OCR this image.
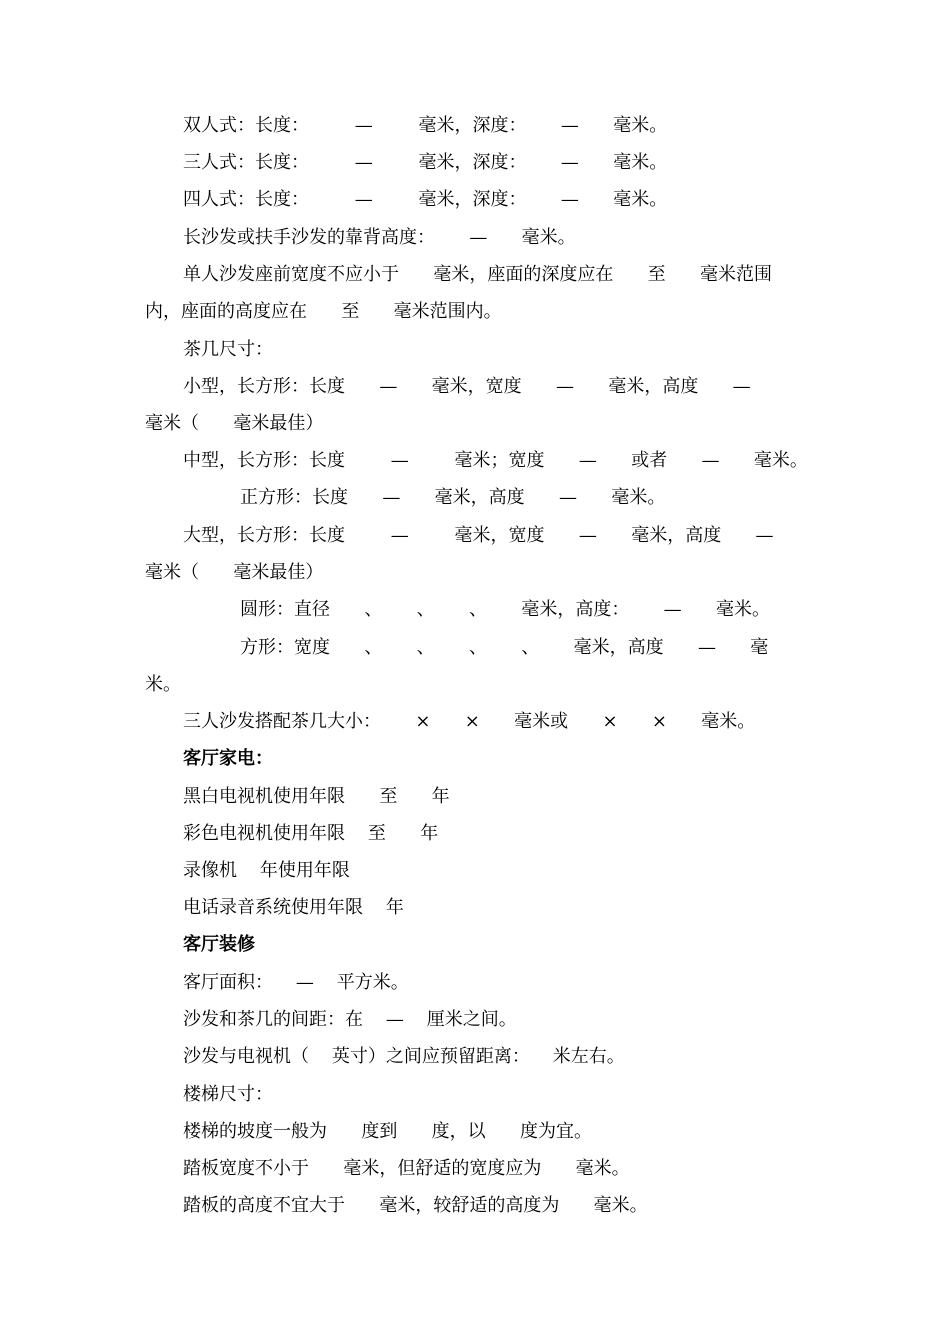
双人式：长度：        —        毫米，深度：      —      毫米。
三人式：长度：        —        毫米，深度：      —      毫米。
四人式：长度：        —        毫米，深度：      —      毫米。
长沙发或扶手沙发的靠背高度：      —      毫米。
单人沙发座前宽度不应小于      毫米，座面的深度应在      至      毫米范围
内，座面的高度应在      至      毫米范围内。
茶几尺寸：
小型，长方形：长度      —      毫米，宽度      —      毫米，高度      —
毫米（      毫米最佳）
中型，长方形：长度        —        毫米；宽度      —      或者      —      毫米。
正方形：长度      —      毫米，高度      —      毫米。
大型，长方形：长度        —        毫米，宽度      —      毫米，高度      —
毫米（      毫米最佳）
圆形：直径      、      、      、      毫米，高度：      —      毫米。
方形：宽度      、      、      、      、      毫米，高度      —      毫
米。
三人沙发搭配茶几大小：      ×      ×      毫米或      ×      ×      毫米。
客厅家电：
黑白电视机使用年限      至      年
彩色电视机使用年限    至      年
录像机    年使用年限
电话录音系统使用年限    年
客厅装修
客厅面积：    —    平方米。
沙发和茶几的间距：在    —    厘米之间。
沙发与电视机（    英寸）之间应预留距离：    米左右。
楼梯尺寸：
楼梯的坡度一般为      度到      度，以      度为宜。
踏板宽度不小于      毫米，但舒适的宽度应为      毫米。
踏板的高度不宜大于      毫米，较舒适的高度为      毫米。
